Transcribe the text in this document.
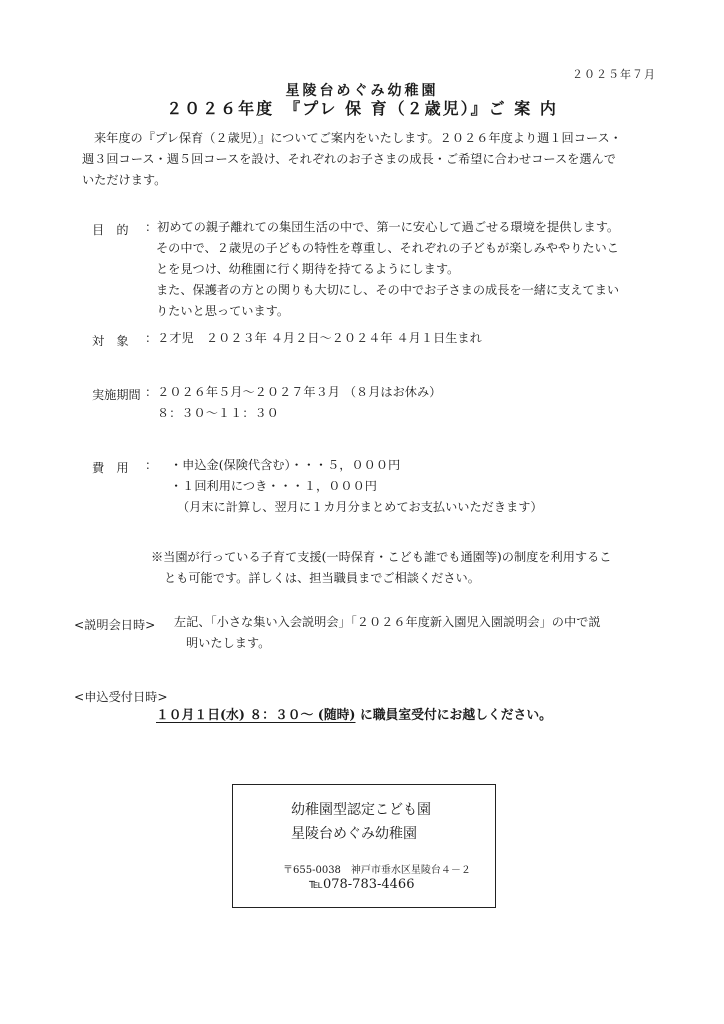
２０２５年７月
星陵台めぐみ幼稚園
２０２６年度　『プレ 保 育（２歳児）』ご 案 内
来年度の『プレ保育（２歳児）』についてご案内をいたします。２０２６年度より週１回コース・
週３回コース・週５回コースを設け、それぞれのお子さまの成長・ご希望に合わせコースを選んで
いただけます。
目　的 ：初めての親子離れての集団生活の中で、第一に安心して過ごせる環境を提供します。
その中で、２歳児の子どもの特性を尊重し、それぞれの子どもが楽しみややりたいこ
とを見つけ、幼稚園に行く期待を持てるようにします。
また、保護者の方との関りも大切にし、その中でお子さまの成長を一緒に支えてまい
りたいと思っています。
対　象 ：２才児　２０２３年 ４月２日～２０２４年 ４月１日生まれ
実施期間 ：２０２６年５月～２０２７年３月 （８月はお休み）
８：３０～１１：３０
費　用 ： ・申込金(保険代含む）・・・５，０００円
・１回利用につき・・・１，０００円
（月末に計算し、翌月に１カ月分まとめてお支払いいただきます）
※当園が行っている子育て支援(一時保育・こども誰でも通園等)の制度を利用するこ
とも可能です。詳しくは、担当職員までご相談ください。
<説明会日時> 左記、「小さな集い入会説明会」「２０２６年度新入園児入園説明会」の中で説
明いたします。
<申込受付日時>
１０月１日(水) ８：３０～ (随時) に職員室受付にお越しください。
幼稚園型認定こども園
星陵台めぐみ幼稚園
〒655-0038　神戸市垂水区星陵台４－２
℡078-783-4466
